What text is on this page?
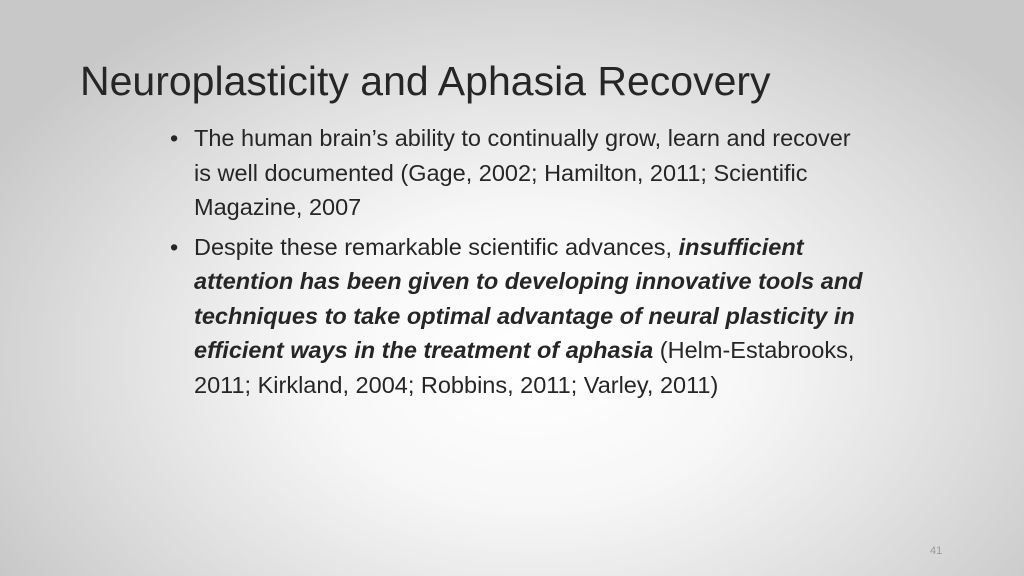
Neuroplasticity and Aphasia Recovery
• The human brain’s ability to continually grow, learn and recover is well documented (Gage, 2002; Hamilton, 2011; Scientific Magazine, 2007
• Despite these remarkable scientific advances, insufficient attention has been given to developing innovative tools and techniques to take optimal advantage of neural plasticity in efficient ways in the treatment of aphasia (Helm-Estabrooks, 2011; Kirkland, 2004; Robbins, 2011; Varley, 2011)
41
